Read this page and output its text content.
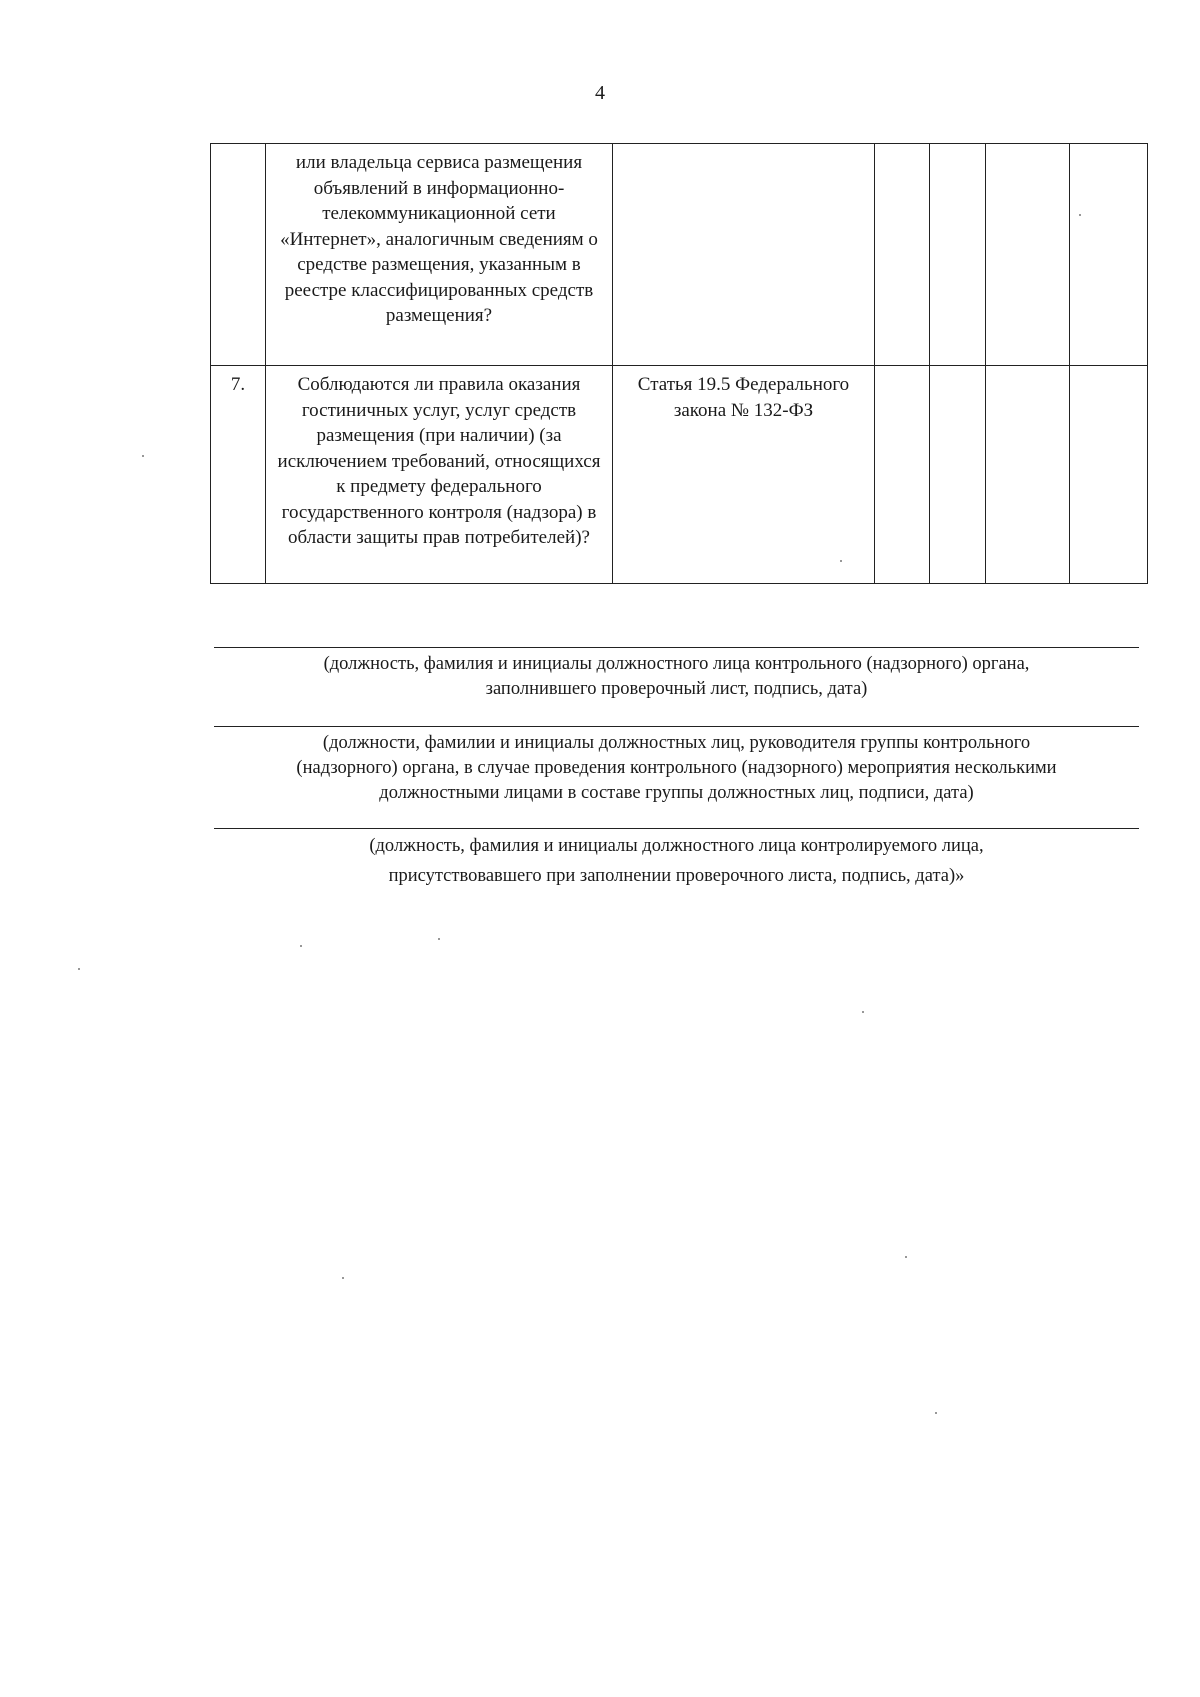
4
	или владельца сервиса размещения объявлений в информационно-телекоммуникационной сети «Интернет», аналогичным сведениям о средстве размещения, указанным в реестре классифицированных средств размещения?					
7.	Соблюдаются ли правила оказания гостиничных услуг, услуг средств размещения (при наличии) (за исключением требований, относящихся к предмету федерального государственного контроля (надзора) в области защиты прав потребителей)?	Статья 19.5 Федерального закона № 132-ФЗ				
(должность, фамилия и инициалы должностного лица контрольного (надзорного) органа,
заполнившего проверочный лист, подпись, дата)
(должности, фамилии и инициалы должностных лиц, руководителя группы контрольного
(надзорного) органа, в случае проведения контрольного (надзорного) мероприятия несколькими
должностными лицами в составе группы должностных лиц, подписи, дата)
(должность, фамилия и инициалы должностного лица контролируемого лица,
присутствовавшего при заполнении проверочного листа, подпись, дата)»
